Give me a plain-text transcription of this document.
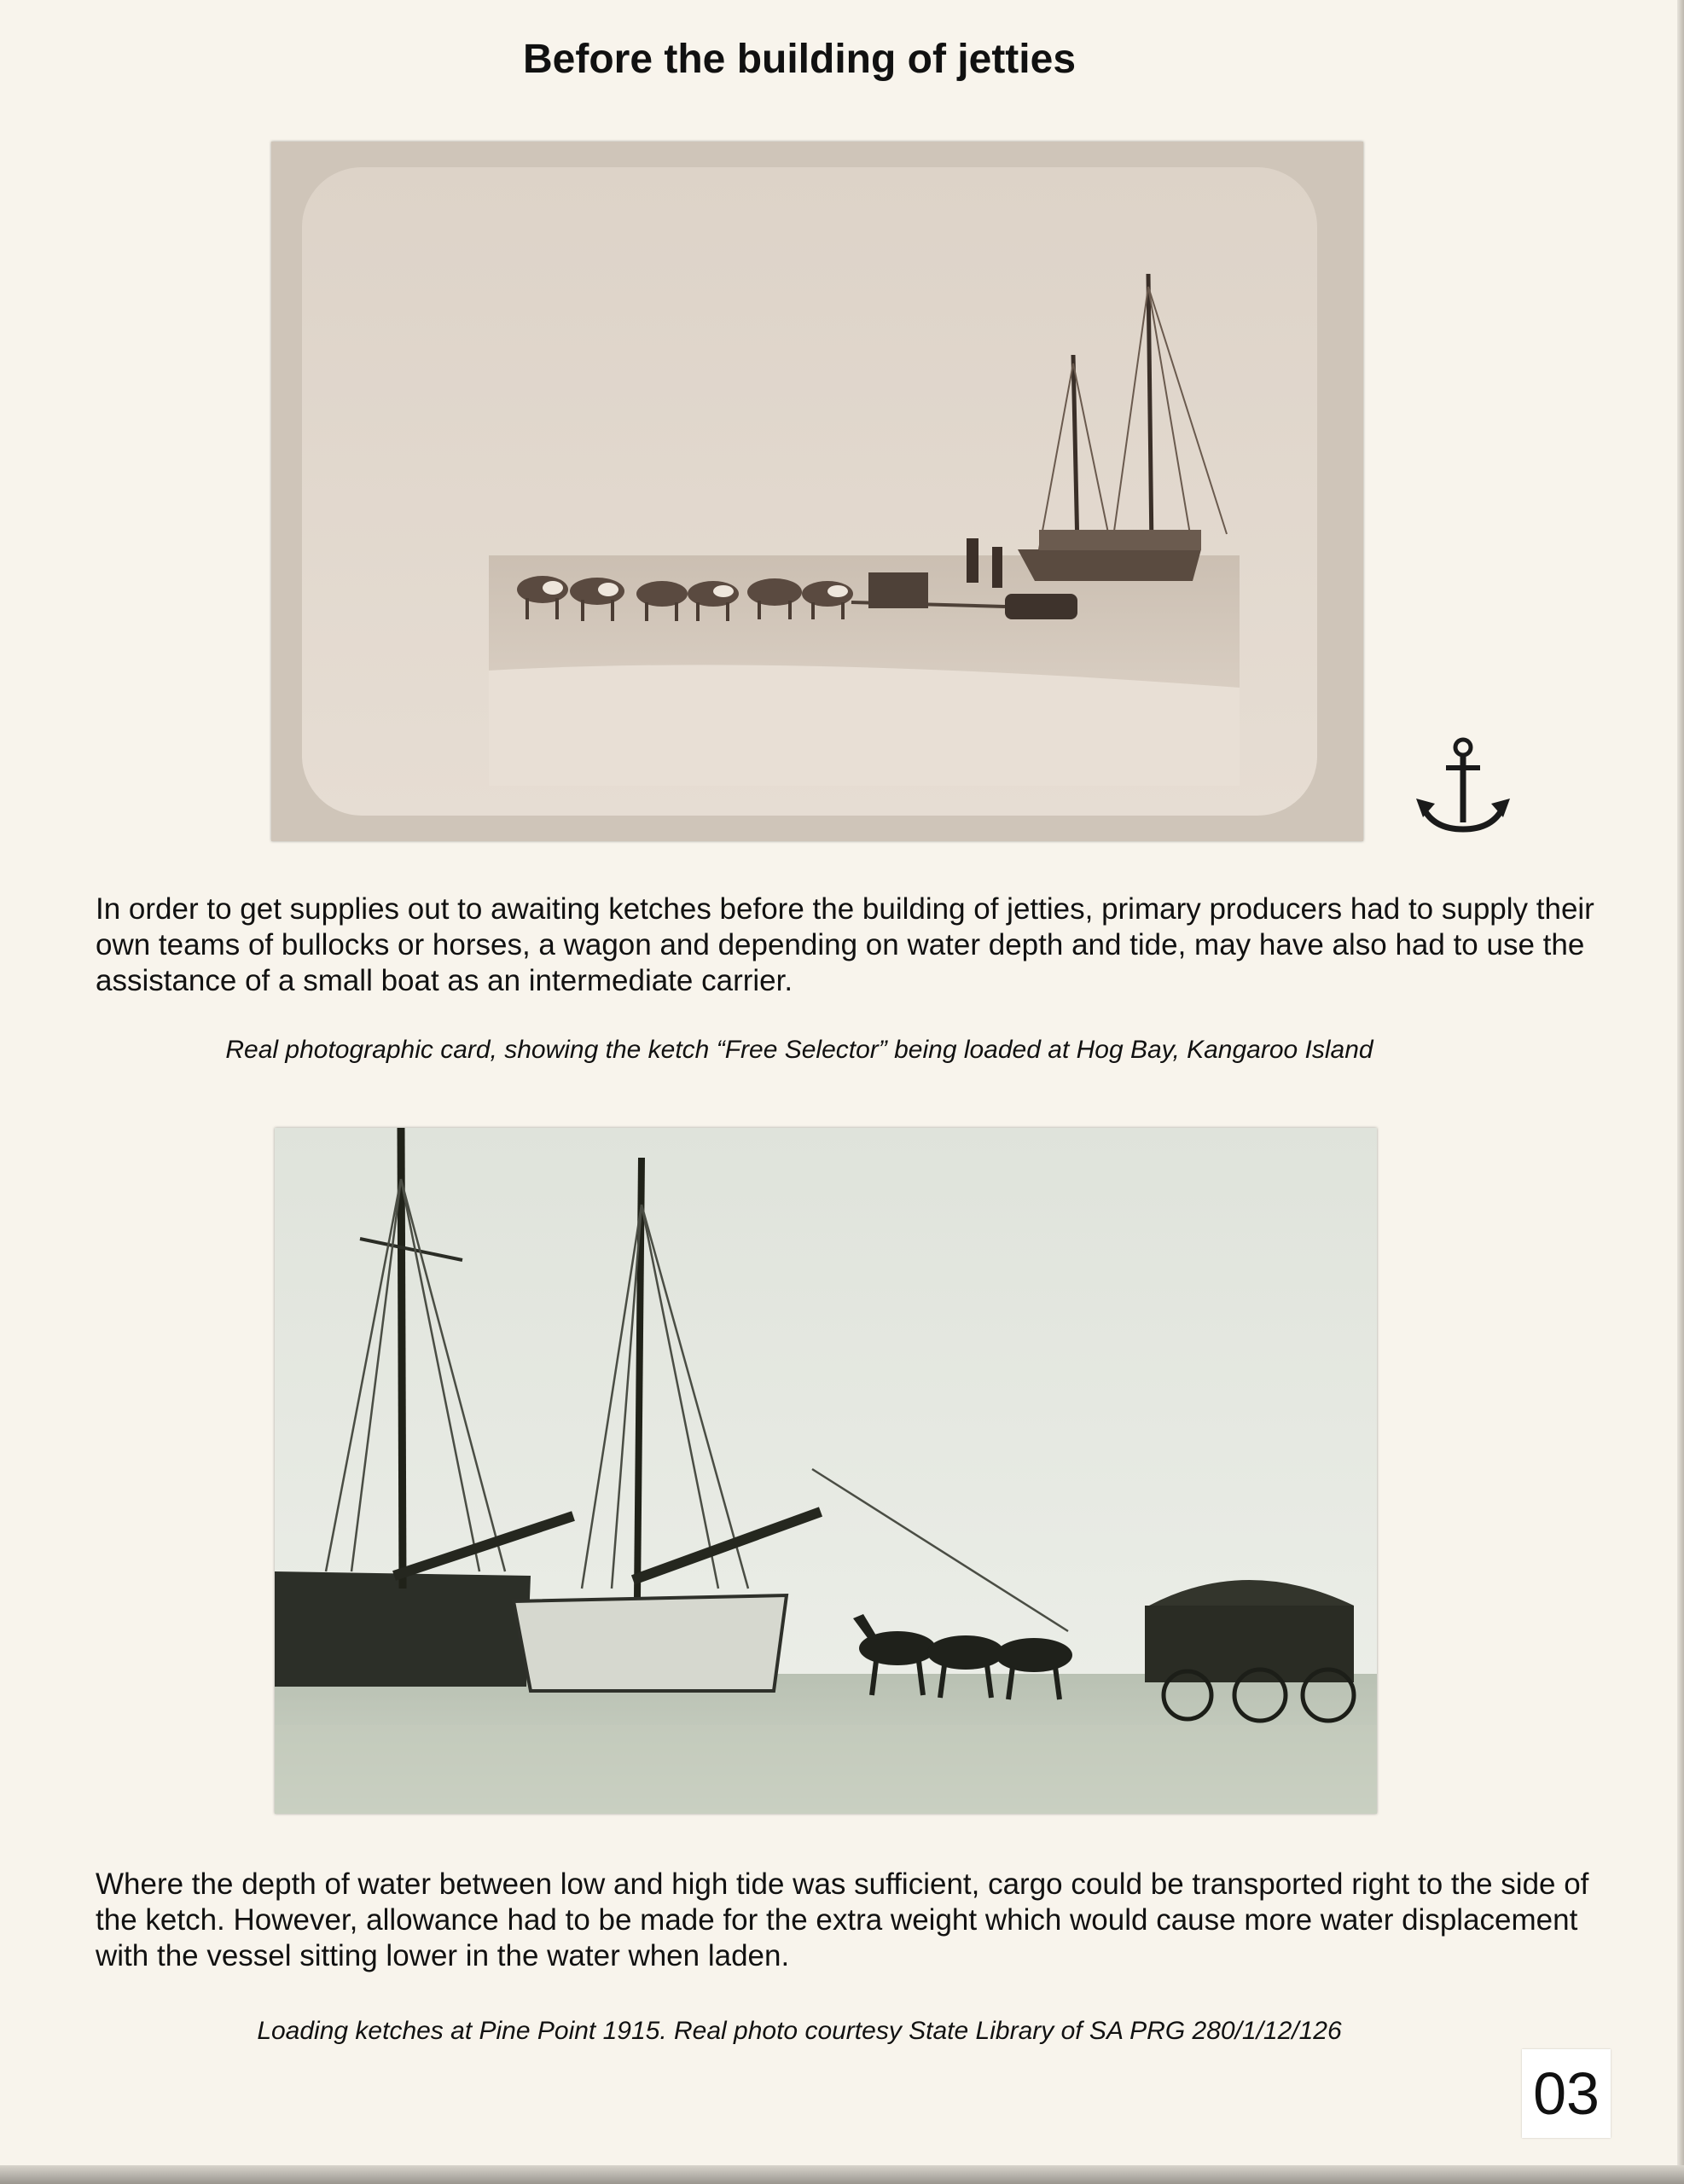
Before the building of jetties
In order to get supplies out to awaiting ketches before the building of jetties, primary producers had to supply their own teams of bullocks or horses, a wagon and depending on water depth and tide, may have also had to use the assistance of a small boat as an intermediate carrier.
Real photographic card, showing the ketch “Free Selector” being loaded at Hog Bay, Kangaroo Island
Where the depth of water between low and high tide was sufficient, cargo could be transported right to the side of the ketch. However, allowance had to be made for the extra weight which would cause more water displacement with the vessel sitting lower in the water when laden.
Loading ketches at Pine Point 1915. Real photo courtesy State Library of SA PRG 280/1/12/126
03
